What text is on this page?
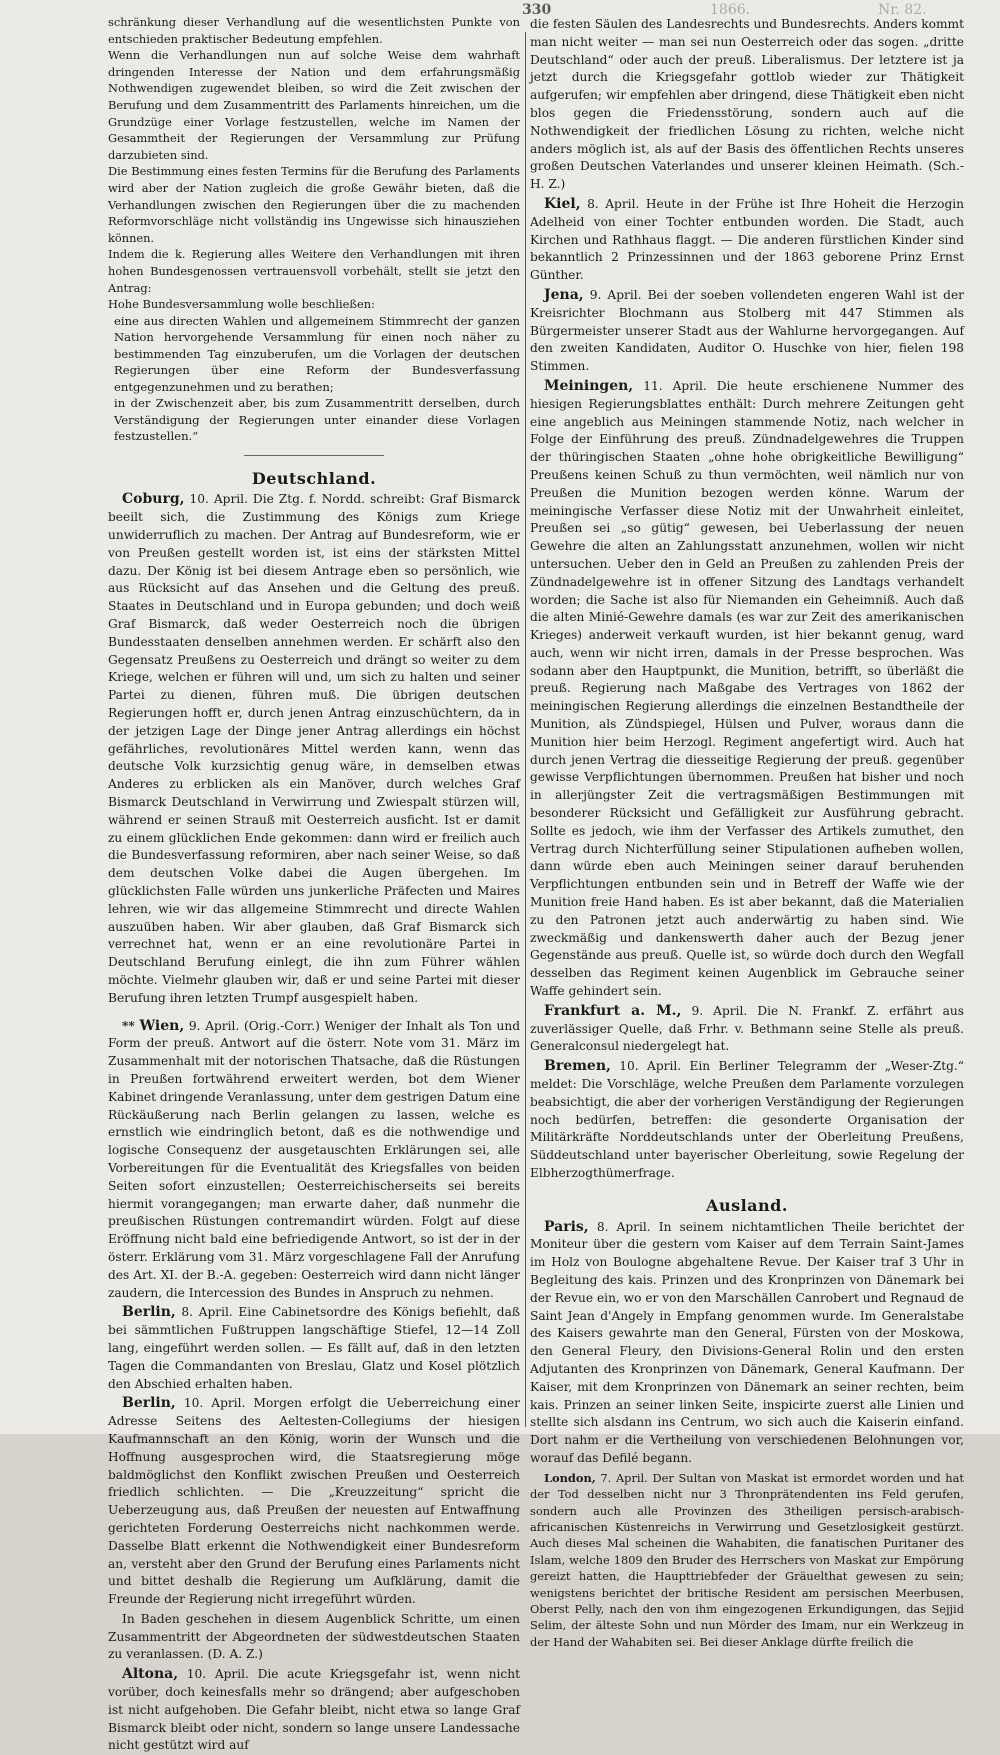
1866.
330	Nr. 82.

schränkung dieser Verhandlung auf die wesentlichsten Punkte von entschieden praktischer Bedeutung empfehlen.

Wenn die Verhandlungen nun auf solche Weise dem wahrhaft dringenden Interesse der Nation und dem erfahrungsmäßig Nothwendigen zugewendet bleiben, so wird die Zeit zwischen der Berufung und dem Zusammentritt des Parlaments hinreichen, um die Grundzüge einer Vorlage festzustellen, welche im Namen der Gesammtheit der Regierungen der Versammlung zur Prüfung darzubieten sind.

Die Bestimmung eines festen Termins für die Berufung des Parlaments wird aber der Nation zugleich die große Gewähr bieten, daß die Verhandlungen zwischen den Regierungen über die zu machenden Reformvorschläge nicht vollständig ins Ungewisse sich hinausziehen können.

Indem die k. Regierung alles Weitere den Verhandlungen mit ihren hohen Bundesgenossen vertrauensvoll vorbehält, stellt sie jetzt den Antrag:

Hohe Bundesversammlung wolle beschließen:

eine aus directen Wahlen und allgemeinem Stimmrecht der ganzen Nation hervorgehende Versammlung für einen noch näher zu bestimmenden Tag einzuberufen, um die Vorlagen der deutschen Regierungen über eine Reform der Bundesverfassung entgegenzunehmen und zu berathen;

in der Zwischenzeit aber, bis zum Zusammentritt derselben, durch Verständigung der Regierungen unter einander diese Vorlagen festzustellen.“

Deutschland.

Coburg, 10. April. Die Ztg. f. Nordd. schreibt: Graf Bismarck beeilt sich, die Zustimmung des Königs zum Kriege unwiderruflich zu machen. Der Antrag auf Bundesreform, wie er von Preußen gestellt worden ist, ist eins der stärksten Mittel dazu. Der König ist bei diesem Antrage eben so persönlich, wie aus Rücksicht auf das Ansehen und die Geltung des preuß. Staates in Deutschland und in Europa gebunden; und doch weiß Graf Bismarck, daß weder Oesterreich noch die übrigen Bundesstaaten denselben annehmen werden. Er schärft also den Gegensatz Preußens zu Oesterreich und drängt so weiter zu dem Kriege, welchen er führen will und, um sich zu halten und seiner Partei zu dienen, führen muß. Die übrigen deutschen Regierungen hofft er, durch jenen Antrag einzuschüchtern, da in der jetzigen Lage der Dinge jener Antrag allerdings ein höchst gefährliches, revolutionäres Mittel werden kann, wenn das deutsche Volk kurzsichtig genug wäre, in demselben etwas Anderes zu erblicken als ein Manöver, durch welches Graf Bismarck Deutschland in Verwirrung und Zwiespalt stürzen will, während er seinen Strauß mit Oesterreich ausficht. Ist er damit zu einem glücklichen Ende gekommen: dann wird er freilich auch die Bundesverfassung reformiren, aber nach seiner Weise, so daß dem deutschen Volke dabei die Augen übergehen. Im glücklichsten Falle würden uns junkerliche Präfecten und Maires lehren, wie wir das allgemeine Stimmrecht und directe Wahlen auszuüben haben. Wir aber glauben, daß Graf Bismarck sich verrechnet hat, wenn er an eine revolutionäre Partei in Deutschland Berufung einlegt, die ihn zum Führer wählen möchte. Vielmehr glauben wir, daß er und seine Partei mit dieser Berufung ihren letzten Trumpf ausgespielt haben.

** Wien, 9. April. (Orig.-Corr.) Weniger der Inhalt als Ton und Form der preuß. Antwort auf die österr. Note vom 31. März im Zusammenhalt mit der notorischen Thatsache, daß die Rüstungen in Preußen fortwährend erweitert werden, bot dem Wiener Kabinet dringende Veranlassung, unter dem gestrigen Datum eine Rückäußerung nach Berlin gelangen zu lassen, welche es ernstlich wie eindringlich betont, daß es die nothwendige und logische Consequenz der ausgetauschten Erklärungen sei, alle Vorbereitungen für die Eventualität des Kriegsfalles von beiden Seiten sofort einzustellen; Oesterreichischerseits sei bereits hiermit vorangegangen; man erwarte daher, daß nunmehr die preußischen Rüstungen contremandirt würden. Folgt auf diese Eröffnung nicht bald eine befriedigende Antwort, so ist der in der österr. Erklärung vom 31. März vorgeschlagene Fall der Anrufung des Art. XI. der B.-A. gegeben: Oesterreich wird dann nicht länger zaudern, die Intercession des Bundes in Anspruch zu nehmen.

Berlin, 8. April. Eine Cabinetsordre des Königs befiehlt, daß bei sämmtlichen Fußtruppen langschäftige Stiefel, 12—14 Zoll lang, eingeführt werden sollen. — Es fällt auf, daß in den letzten Tagen die Commandanten von Breslau, Glatz und Kosel plötzlich den Abschied erhalten haben.

Berlin, 10. April. Morgen erfolgt die Ueberreichung einer Adresse Seitens des Aeltesten-Collegiums der hiesigen Kaufmannschaft an den König, worin der Wunsch und die Hoffnung ausgesprochen wird, die Staatsregierung möge baldmöglichst den Konflikt zwischen Preußen und Oesterreich friedlich schlichten. — Die „Kreuzzeitung“ spricht die Ueberzeugung aus, daß Preußen der neuesten auf Entwaffnung gerichteten Forderung Oesterreichs nicht nachkommen werde. Dasselbe Blatt erkennt die Nothwendigkeit einer Bundesreform an, versteht aber den Grund der Berufung eines Parlaments nicht und bittet deshalb die Regierung um Aufklärung, damit die Freunde der Regierung nicht irregeführt würden.

In Baden geschehen in diesem Augenblick Schritte, um einen Zusammentritt der Abgeordneten der südwestdeutschen Staaten zu veranlassen. (D. A. Z.)

Altona, 10. April. Die acute Kriegsgefahr ist, wenn nicht vorüber, doch keinesfalls mehr so drängend; aber aufgeschoben ist nicht aufgehoben. Die Gefahr bleibt, nicht etwa so lange Graf Bismarck bleibt oder nicht, sondern so lange unsere Landessache nicht gestützt wird auf

die festen Säulen des Landesrechts und Bundesrechts. Anders kommt man nicht weiter — man sei nun Oesterreich oder das sogen. „dritte Deutschland“ oder auch der preuß. Liberalismus. Der letztere ist ja jetzt durch die Kriegsgefahr gottlob wieder zur Thätigkeit aufgerufen; wir empfehlen aber dringend, diese Thätigkeit eben nicht blos gegen die Friedensstörung, sondern auch auf die Nothwendigkeit der friedlichen Lösung zu richten, welche nicht anders möglich ist, als auf der Basis des öffentlichen Rechts unseres großen Deutschen Vaterlandes und unserer kleinen Heimath. (Sch.-H. Z.)

Kiel, 8. April. Heute in der Frühe ist Ihre Hoheit die Herzogin Adelheid von einer Tochter entbunden worden. Die Stadt, auch Kirchen und Rathhaus flaggt. — Die anderen fürstlichen Kinder sind bekanntlich 2 Prinzessinnen und der 1863 geborene Prinz Ernst Günther.

Jena, 9. April. Bei der soeben vollendeten engeren Wahl ist der Kreisrichter Blochmann aus Stolberg mit 447 Stimmen als Bürgermeister unserer Stadt aus der Wahlurne hervorgegangen. Auf den zweiten Kandidaten, Auditor O. Huschke von hier, fielen 198 Stimmen.

Meiningen, 11. April. Die heute erschienene Nummer des hiesigen Regierungsblattes enthält: Durch mehrere Zeitungen geht eine angeblich aus Meiningen stammende Notiz, nach welcher in Folge der Einführung des preuß. Zündnadelgewehres die Truppen der thüringischen Staaten „ohne hohe obrigkeitliche Bewilligung“ Preußens keinen Schuß zu thun vermöchten, weil nämlich nur von Preußen die Munition bezogen werden könne. Warum der meiningische Verfasser diese Notiz mit der Unwahrheit einleitet, Preußen sei „so gütig“ gewesen, bei Ueberlassung der neuen Gewehre die alten an Zahlungsstatt anzunehmen, wollen wir nicht untersuchen. Ueber den in Geld an Preußen zu zahlenden Preis der Zündnadelgewehre ist in offener Sitzung des Landtags verhandelt worden; die Sache ist also für Niemanden ein Geheimniß. Auch daß die alten Minié-Gewehre damals (es war zur Zeit des amerikanischen Krieges) anderweit verkauft wurden, ist hier bekannt genug, ward auch, wenn wir nicht irren, damals in der Presse besprochen. Was sodann aber den Hauptpunkt, die Munition, betrifft, so überläßt die preuß. Regierung nach Maßgabe des Vertrages von 1862 der meiningischen Regierung allerdings die einzelnen Bestandtheile der Munition, als Zündspiegel, Hülsen und Pulver, woraus dann die Munition hier beim Herzogl. Regiment angefertigt wird. Auch hat durch jenen Vertrag die diesseitige Regierung der preuß. gegenüber gewisse Verpflichtungen übernommen. Preußen hat bisher und noch in allerjüngster Zeit die vertragsmäßigen Bestimmungen mit besonderer Rücksicht und Gefälligkeit zur Ausführung gebracht. Sollte es jedoch, wie ihm der Verfasser des Artikels zumuthet, den Vertrag durch Nichterfüllung seiner Stipulationen aufheben wollen, dann würde eben auch Meiningen seiner darauf beruhenden Verpflichtungen entbunden sein und in Betreff der Waffe wie der Munition freie Hand haben. Es ist aber bekannt, daß die Materialien zu den Patronen jetzt auch anderwärtig zu haben sind. Wie zweckmäßig und dankenswerth daher auch der Bezug jener Gegenstände aus preuß. Quelle ist, so würde doch durch den Wegfall desselben das Regiment keinen Augenblick im Gebrauche seiner Waffe gehindert sein.

Frankfurt a. M., 9. April. Die N. Frankf. Z. erfährt aus zuverlässiger Quelle, daß Frhr. v. Bethmann seine Stelle als preuß. Generalconsul niedergelegt hat.

Bremen, 10. April. Ein Berliner Telegramm der „Weser-Ztg.“ meldet: Die Vorschläge, welche Preußen dem Parlamente vorzulegen beabsichtigt, die aber der vorherigen Verständigung der Regierungen noch bedürfen, betreffen: die gesonderte Organisation der Militärkräfte Norddeutschlands unter der Oberleitung Preußens, Süddeutschland unter bayerischer Oberleitung, sowie Regelung der Elbherzogthümerfrage.

Ausland.

Paris, 8. April. In seinem nichtamtlichen Theile berichtet der Moniteur über die gestern vom Kaiser auf dem Terrain Saint-James im Holz von Boulogne abgehaltene Revue. Der Kaiser traf 3 Uhr in Begleitung des kais. Prinzen und des Kronprinzen von Dänemark bei der Revue ein, wo er von den Marschällen Canrobert und Regnaud de Saint Jean d'Angely in Empfang genommen wurde. Im Generalstabe des Kaisers gewahrte man den General, Fürsten von der Moskowa, den General Fleury, den Divisions-General Rolin und den ersten Adjutanten des Kronprinzen von Dänemark, General Kaufmann. Der Kaiser, mit dem Kronprinzen von Dänemark an seiner rechten, beim kais. Prinzen an seiner linken Seite, inspicirte zuerst alle Linien und stellte sich alsdann ins Centrum, wo sich auch die Kaiserin einfand. Dort nahm er die Vertheilung von verschiedenen Belohnungen vor, worauf das Defilé begann.

London, 7. April. Der Sultan von Maskat ist ermordet worden und hat der Tod desselben nicht nur 3 Thronprätendenten ins Feld gerufen, sondern auch alle Provinzen des 3theiligen persisch-arabisch-africanischen Küstenreichs in Verwirrung und Gesetzlosigkeit gestürzt. Auch dieses Mal scheinen die Wahabiten, die fanatischen Puritaner des Islam, welche 1809 den Bruder des Herrschers von Maskat zur Empörung gereizt hatten, die Haupttriebfeder der Gräuelthat gewesen zu sein; wenigstens berichtet der britische Resident am persischen Meerbusen, Oberst Pelly, nach den von ihm eingezogenen Erkundigungen, das Sejjid Selim, der älteste Sohn und nun Mörder des Imam, nur ein Werkzeug in der Hand der Wahabiten sei. Bei dieser Anklage dürfte freilich die
